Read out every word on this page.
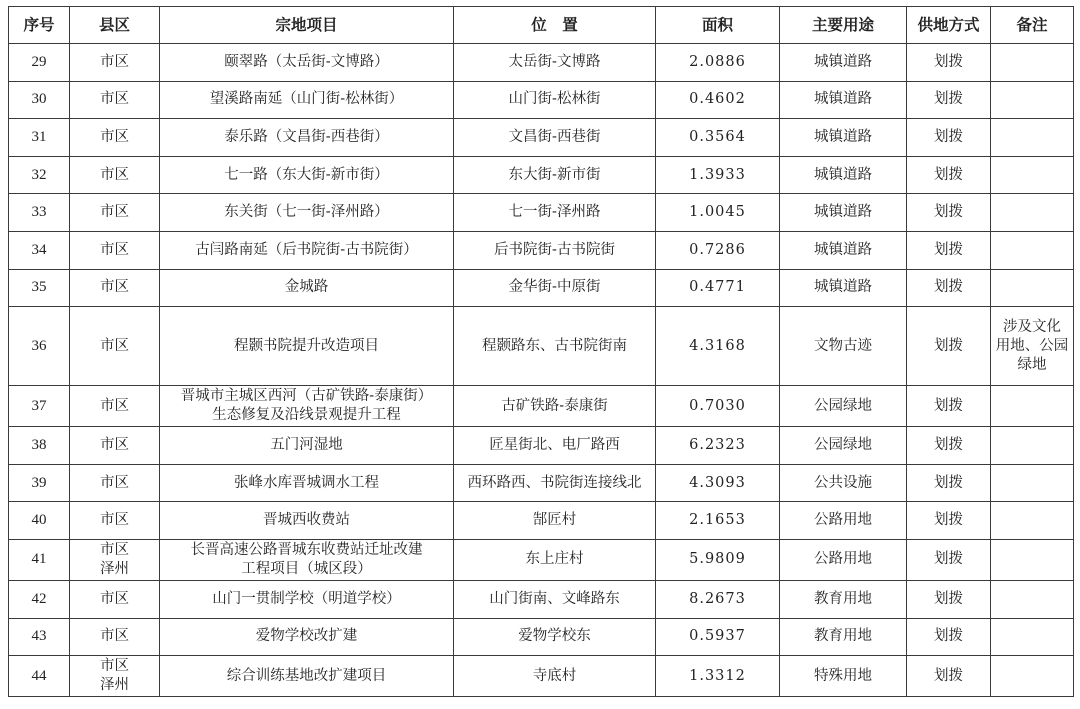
序号	县区	宗地项目	位　置	面积	主要用途	供地方式	备注
29	市区	颐翠路（太岳街-文博路）	太岳街-文博路	2.0886	城镇道路	划拨	
30	市区	望溪路南延（山门街-松林街）	山门街-松林街	0.4602	城镇道路	划拨	
31	市区	泰乐路（文昌街-西巷街）	文昌街-西巷街	0.3564	城镇道路	划拨	
32	市区	七一路（东大街-新市街）	东大街-新市街	1.3933	城镇道路	划拨	
33	市区	东关街（七一街-泽州路）	七一街-泽州路	1.0045	城镇道路	划拨	
34	市区	古闫路南延（后书院街-古书院街）	后书院街-古书院街	0.7286	城镇道路	划拨	
35	市区	金城路	金华街-中原街	0.4771	城镇道路	划拨	
36	市区	程颢书院提升改造项目	程颢路东、古书院街南	4.3168	文物古迹	划拨	涉及文化
用地、公园
绿地
37	市区	晋城市主城区西河（古矿铁路-泰康街）
生态修复及沿线景观提升工程	古矿铁路-泰康街	0.7030	公园绿地	划拨	
38	市区	五门河湿地	匠星街北、电厂路西	6.2323	公园绿地	划拨	
39	市区	张峰水库晋城调水工程	西环路西、书院街连接线北	4.3093	公共设施	划拨	
40	市区	晋城西收费站	郜匠村	2.1653	公路用地	划拨	
41	市区
泽州	长晋高速公路晋城东收费站迁址改建
工程项目（城区段）	东上庄村	5.9809	公路用地	划拨	
42	市区	山门一贯制学校（明道学校）	山门街南、文峰路东	8.2673	教育用地	划拨	
43	市区	爱物学校改扩建	爱物学校东	0.5937	教育用地	划拨	
44	市区
泽州	综合训练基地改扩建项目	寺底村	1.3312	特殊用地	划拨	
